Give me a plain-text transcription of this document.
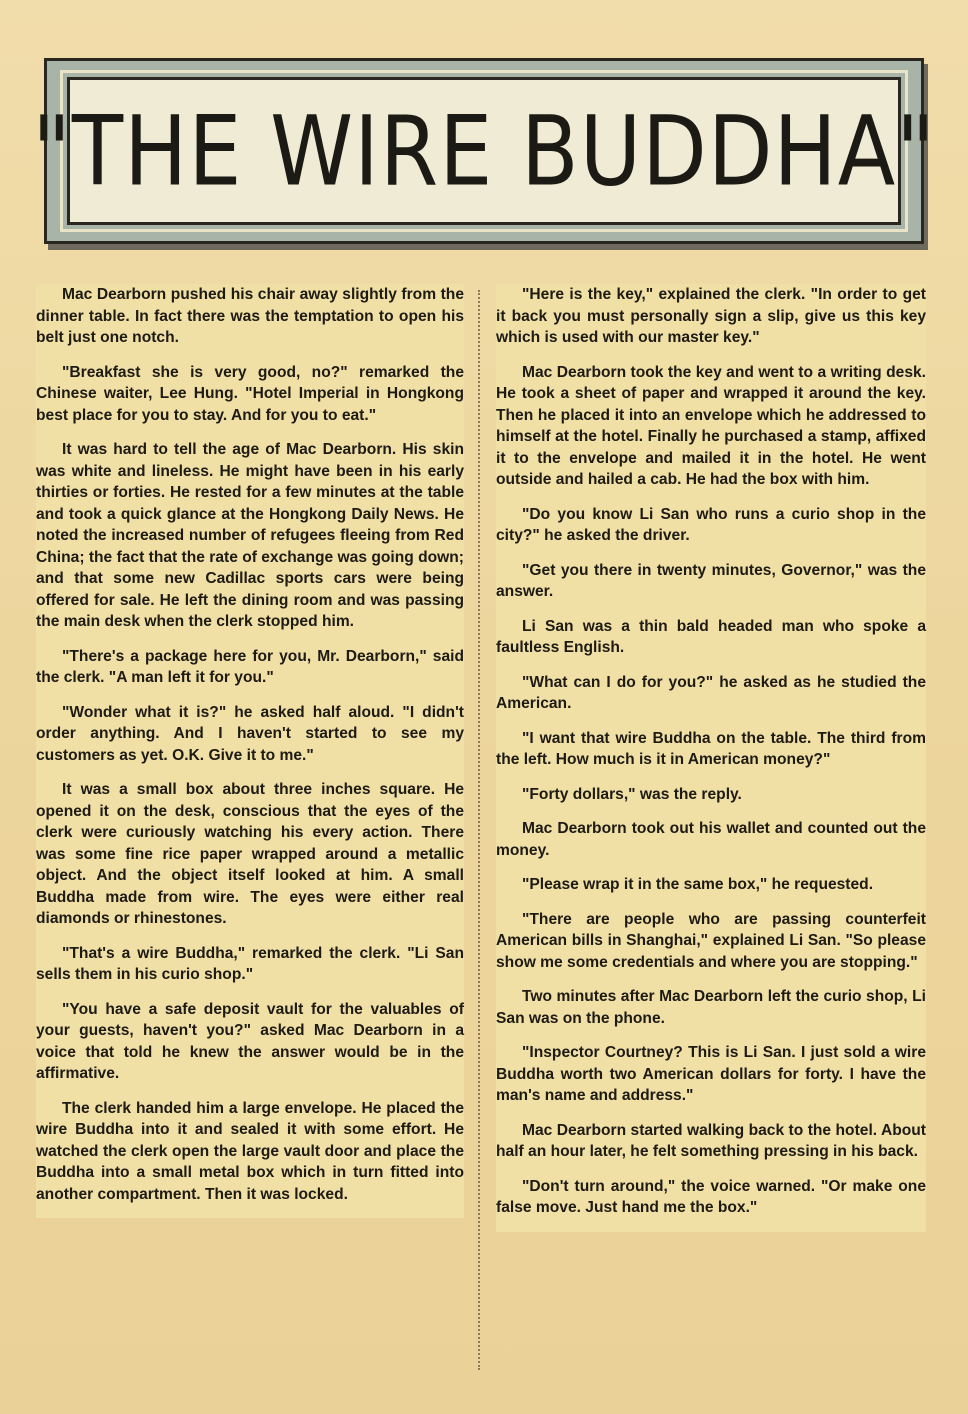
"THE WIRE BUDDHA"

Mac Dearborn pushed his chair away slightly from the dinner table. In fact there was the temptation to open his belt just one notch.

"Breakfast she is very good, no?" remarked the Chinese waiter, Lee Hung. "Hotel Imperial in Hongkong best place for you to stay. And for you to eat."

It was hard to tell the age of Mac Dearborn. His skin was white and lineless. He might have been in his early thirties or forties. He rested for a few minutes at the table and took a quick glance at the Hongkong Daily News. He noted the increased number of refugees fleeing from Red China; the fact that the rate of exchange was going down; and that some new Cadillac sports cars were being offered for sale. He left the dining room and was passing the main desk when the clerk stopped him.

"There's a package here for you, Mr. Dearborn," said the clerk. "A man left it for you."

"Wonder what it is?" he asked half aloud. "I didn't order anything. And I haven't started to see my customers as yet. O.K. Give it to me."

It was a small box about three inches square. He opened it on the desk, conscious that the eyes of the clerk were curiously watching his every action. There was some fine rice paper wrapped around a metallic object. And the object itself looked at him. A small Buddha made from wire. The eyes were either real diamonds or rhinestones.

"That's a wire Buddha," remarked the clerk. "Li San sells them in his curio shop."

"You have a safe deposit vault for the valuables of your guests, haven't you?" asked Mac Dearborn in a voice that told he knew the answer would be in the affirmative.

The clerk handed him a large envelope. He placed the wire Buddha into it and sealed it with some effort. He watched the clerk open the large vault door and place the Buddha into a small metal box which in turn fitted into another compartment. Then it was locked.

"Here is the key," explained the clerk. "In order to get it back you must personally sign a slip, give us this key which is used with our master key."

Mac Dearborn took the key and went to a writing desk. He took a sheet of paper and wrapped it around the key. Then he placed it into an envelope which he addressed to himself at the hotel. Finally he purchased a stamp, affixed it to the envelope and mailed it in the hotel. He went outside and hailed a cab. He had the box with him.

"Do you know Li San who runs a curio shop in the city?" he asked the driver.

"Get you there in twenty minutes, Governor," was the answer.

Li San was a thin bald headed man who spoke a faultless English.

"What can I do for you?" he asked as he studied the American.

"I want that wire Buddha on the table. The third from the left. How much is it in American money?"

"Forty dollars," was the reply.

Mac Dearborn took out his wallet and counted out the money.

"Please wrap it in the same box," he requested.

"There are people who are passing counterfeit American bills in Shanghai," explained Li San. "So please show me some credentials and where you are stopping."

Two minutes after Mac Dearborn left the curio shop, Li San was on the phone.

"Inspector Courtney? This is Li San. I just sold a wire Buddha worth two American dollars for forty. I have the man's name and address."

Mac Dearborn started walking back to the hotel. About half an hour later, he felt something pressing in his back.

"Don't turn around," the voice warned. "Or make one false move. Just hand me the box."
